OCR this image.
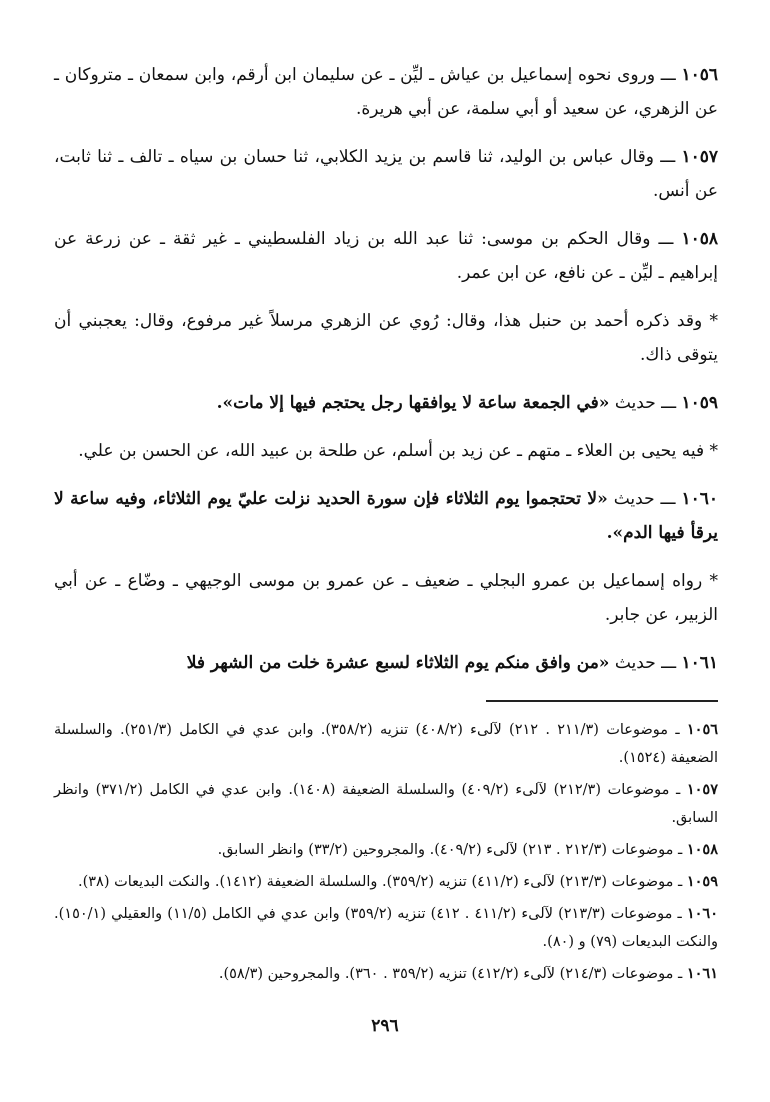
١٠٥٦ ـــ وروى نحوه إسماعيل بن عياش ـ ليِّن ـ عن سليمان ابن أرقم، وابن سمعان ـ متروكان ـ عن الزهري، عن سعيد أو أبي سلمة، عن أبي هريرة.

١٠٥٧ ـــ وقال عباس بن الوليد، ثنا قاسم بن يزيد الكلابي، ثنا حسان بن سياه ـ تالف ـ ثنا ثابت، عن أنس.

١٠٥٨ ـــ وقال الحكم بن موسى: ثنا عبد الله بن زياد الفلسطيني ـ غير ثقة ـ عن زرعة عن إبراهيم ـ ليِّن ـ عن نافع، عن ابن عمر.

* وقد ذكره أحمد بن حنبل هذا، وقال: رُوي عن الزهري مرسلاً غير مرفوع، وقال: يعجبني أن يتوقى ذاك.

١٠٥٩ ـــ حديث «في الجمعة ساعة لا يوافقها رجل يحتجم فيها إلا مات».

* فيه يحيى بن العلاء ـ متهم ـ عن زيد بن أسلم، عن طلحة بن عبيد الله، عن الحسن بن علي.

١٠٦٠ ـــ حديث «لا تحتجموا يوم الثلاثاء فإن سورة الحديد نزلت عليّ يوم الثلاثاء، وفيه ساعة لا يرقأ فيها الدم».

* رواه إسماعيل بن عمرو البجلي ـ ضعيف ـ عن عمرو بن موسى الوجيهي ـ وضّاع ـ عن أبي الزبير، عن جابر.

١٠٦١ ـــ حديث «من وافق منكم يوم الثلاثاء لسبع عشرة خلت من الشهر فلا

١٠٥٦ ـ موضوعات (٢١١/٣ . ٢١٢) لآلىء (٤٠٨/٢) تنزيه (٣٥٨/٢). وابن عدي في الكامل (٢٥١/٣). والسلسلة الضعيفة (١٥٢٤).

١٠٥٧ ـ موضوعات (٢١٢/٣) لآلىء (٤٠٩/٢) والسلسلة الضعيفة (١٤٠٨). وابن عدي في الكامل (٣٧١/٢) وانظر السابق.

١٠٥٨ ـ موضوعات (٢١٢/٣ . ٢١٣) لآلىء (٤٠٩/٢). والمجروحين (٣٣/٢) وانظر السابق.

١٠٥٩ ـ موضوعات (٢١٣/٣) لآلىء (٤١١/٢) تنزيه (٣٥٩/٢). والسلسلة الضعيفة (١٤١٢). والنكت البديعات (٣٨).

١٠٦٠ ـ موضوعات (٢١٣/٣) لآلىء (٤١١/٢ . ٤١٢) تنزيه (٣٥٩/٢) وابن عدي في الكامل (١١/٥) والعقيلي (١٥٠/١). والنكت البديعات (٧٩) و (٨٠).

١٠٦١ ـ موضوعات (٢١٤/٣) لآلىء (٤١٢/٢) تنزيه (٣٥٩/٢ . ٣٦٠). والمجروحين (٥٨/٣).

٢٩٦
